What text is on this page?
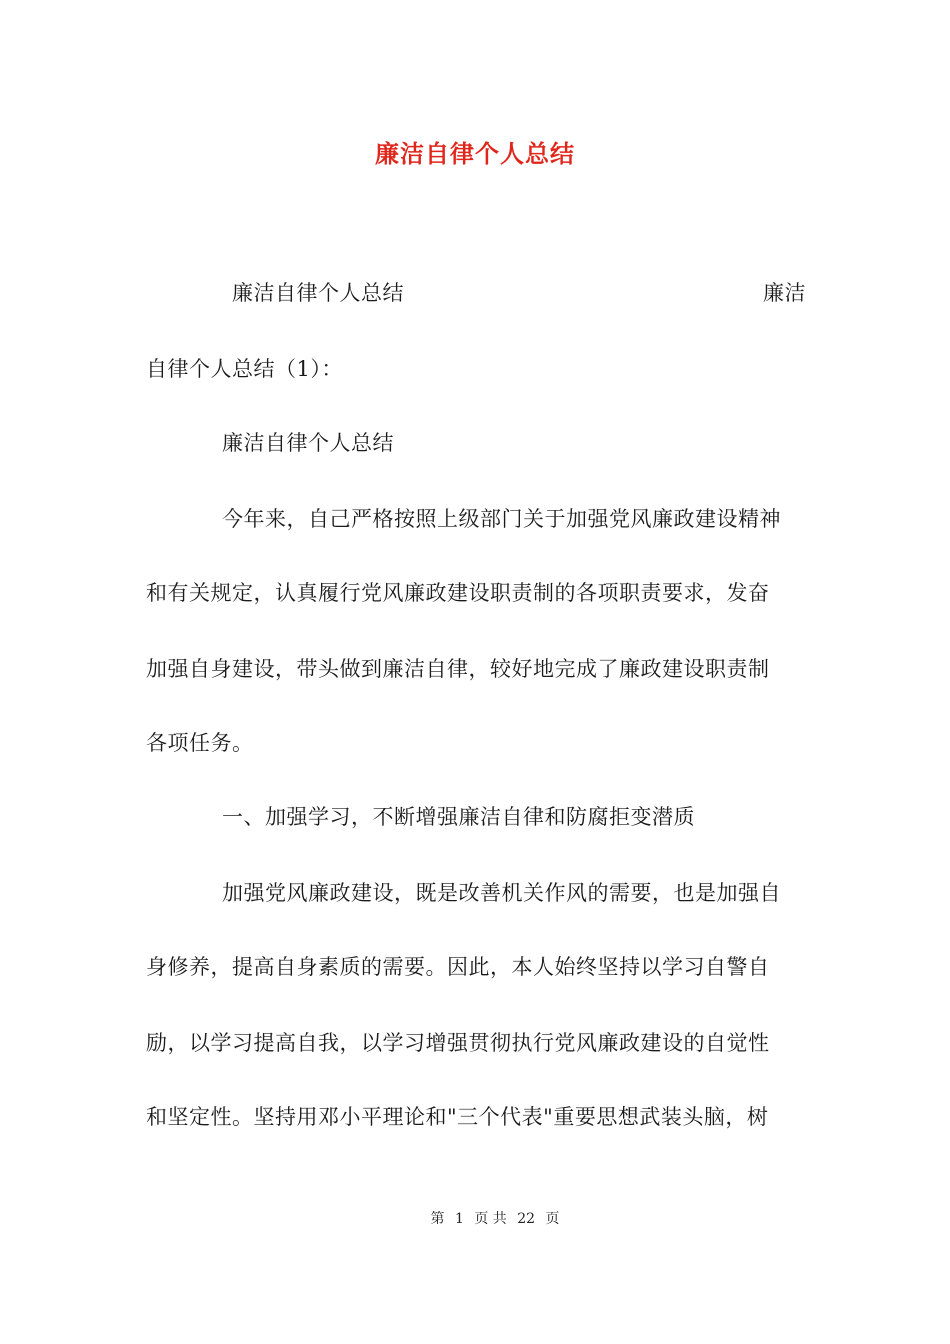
廉洁自律个人总结
廉洁自律个人总结	廉洁
自律个人总结（1）：
廉洁自律个人总结
今年来，自己严格按照上级部门关于加强党风廉政建设精神
和有关规定，认真履行党风廉政建设职责制的各项职责要求，发奋
加强自身建设，带头做到廉洁自律，较好地完成了廉政建设职责制
各项任务。
一、加强学习，不断增强廉洁自律和防腐拒变潜质
加强党风廉政建设，既是改善机关作风的需要，也是加强自
身修养，提高自身素质的需要。因此，本人始终坚持以学习自警自
励，以学习提高自我，以学习增强贯彻执行党风廉政建设的自觉性
和坚定性。坚持用邓小平理论和"三个代表"重要思想武装头脑，树
第 1 页 共 22 页
